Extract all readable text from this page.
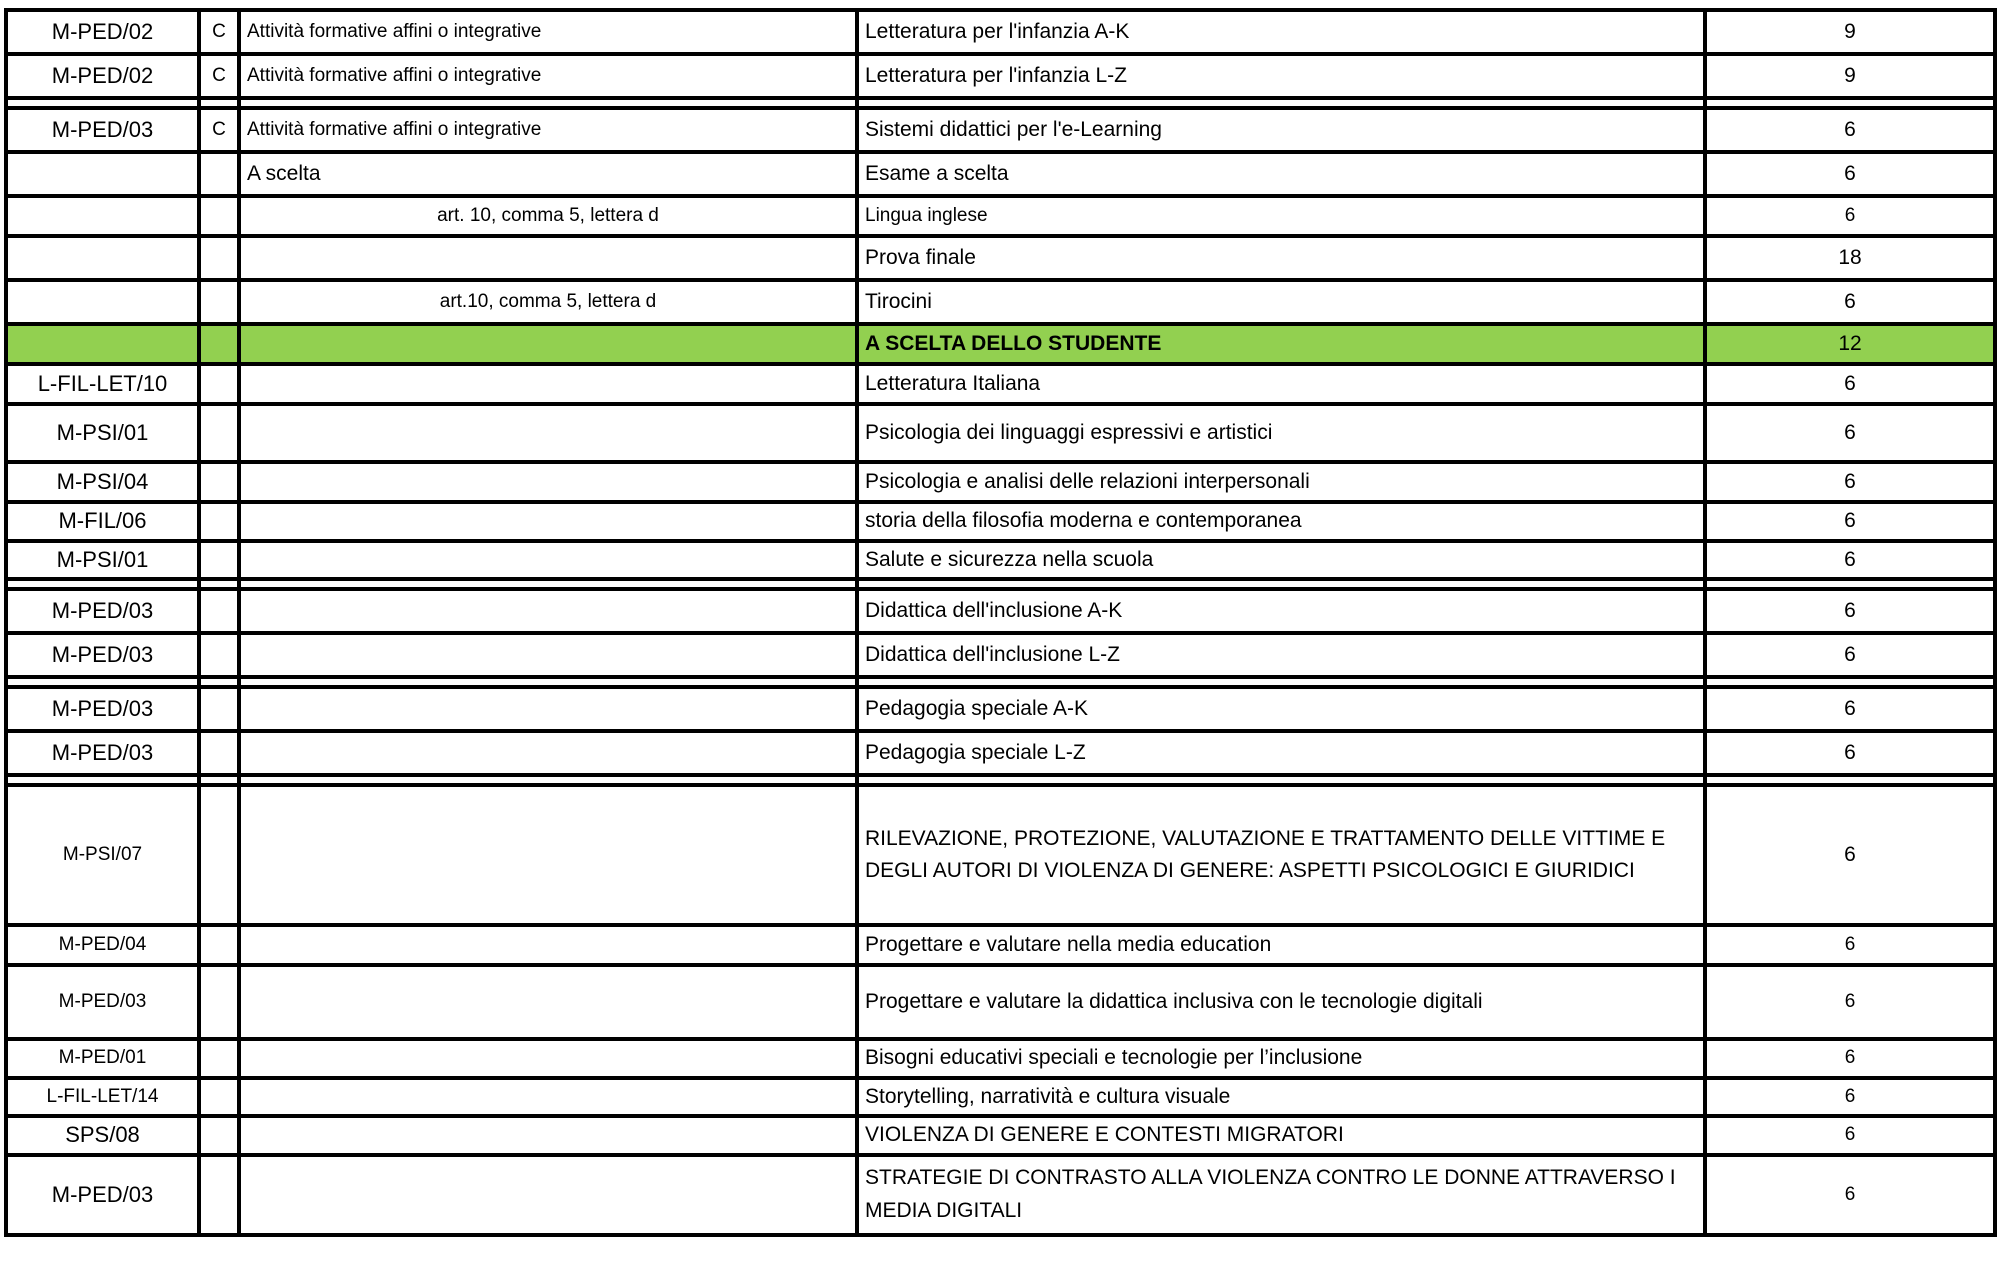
M-PED/02	C	Attività formative affini o integrative	Letteratura per l'infanzia A-K	9
M-PED/02	C	Attività formative affini o integrative	Letteratura per l'infanzia L-Z	9

M-PED/03	C	Attività formative affini o integrative	Sistemi didattici per l'e-Learning	6
		A scelta	Esame a scelta	6
		art. 10, comma 5, lettera d	Lingua inglese	6
			Prova finale	18
		art.10, comma 5, lettera d	Tirocini	6
			A SCELTA DELLO STUDENTE	12
L-FIL-LET/10			Letteratura Italiana	6
M-PSI/01			Psicologia dei linguaggi espressivi e artistici	6
M-PSI/04			Psicologia e analisi delle relazioni interpersonali	6
M-FIL/06			storia della filosofia moderna e contemporanea	6
M-PSI/01			Salute e sicurezza nella scuola	6

M-PED/03			Didattica dell'inclusione A-K	6
M-PED/03			Didattica dell'inclusione L-Z	6

M-PED/03			Pedagogia speciale A-K	6
M-PED/03			Pedagogia speciale L-Z	6

M-PSI/07			RILEVAZIONE, PROTEZIONE, VALUTAZIONE E TRATTAMENTO DELLE VITTIME E DEGLI AUTORI DI VIOLENZA DI GENERE: ASPETTI PSICOLOGICI E GIURIDICI	6
M-PED/04			Progettare e valutare nella media education	6
M-PED/03			Progettare e valutare la didattica inclusiva con le tecnologie digitali	6
M-PED/01			Bisogni educativi speciali e tecnologie per l’inclusione	6
L-FIL-LET/14			Storytelling, narratività e cultura visuale	6
SPS/08			VIOLENZA DI GENERE E CONTESTI MIGRATORI	6
M-PED/03			STRATEGIE DI CONTRASTO ALLA VIOLENZA CONTRO LE DONNE ATTRAVERSO I MEDIA DIGITALI	6
